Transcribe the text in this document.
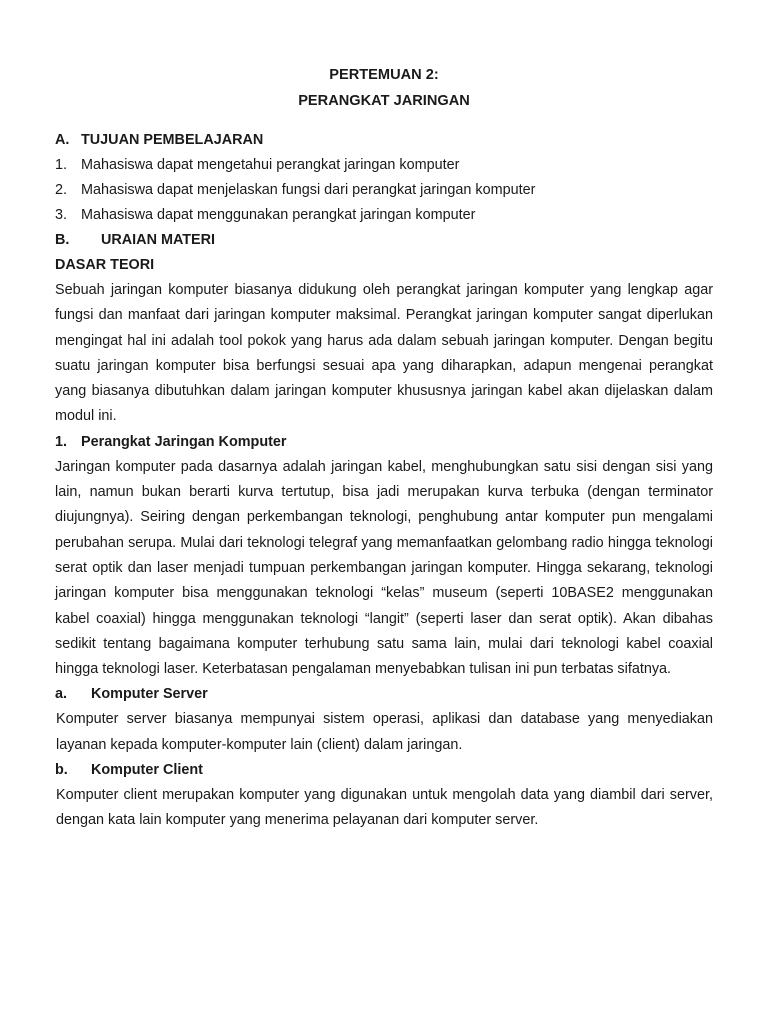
PERTEMUAN 2:
PERANGKAT JARINGAN
A. TUJUAN PEMBELAJARAN
1. Mahasiswa dapat mengetahui perangkat jaringan komputer
2. Mahasiswa dapat menjelaskan fungsi dari perangkat jaringan komputer
3. Mahasiswa dapat menggunakan perangkat jaringan komputer
B. URAIAN MATERI
DASAR TEORI

Sebuah jaringan komputer biasanya didukung oleh perangkat jaringan komputer yang lengkap agar fungsi dan manfaat dari jaringan komputer maksimal. Perangkat jaringan komputer sangat diperlukan mengingat hal ini adalah tool pokok yang harus ada dalam sebuah jaringan komputer. Dengan begitu suatu jaringan komputer bisa berfungsi sesuai apa yang diharapkan, adapun mengenai perangkat yang biasanya dibutuhkan dalam jaringan komputer khususnya jaringan kabel akan dijelaskan dalam modul ini.

1. Perangkat Jaringan Komputer

Jaringan komputer pada dasarnya adalah jaringan kabel, menghubungkan satu sisi dengan sisi yang lain, namun bukan berarti kurva tertutup, bisa jadi merupakan kurva terbuka (dengan terminator diujungnya). Seiring dengan perkembangan teknologi, penghubung antar komputer pun mengalami perubahan serupa. Mulai dari teknologi telegraf yang memanfaatkan gelombang radio hingga teknologi serat optik dan laser menjadi tumpuan perkembangan jaringan komputer. Hingga sekarang, teknologi jaringan komputer bisa menggunakan teknologi “kelas” museum (seperti 10BASE2 menggunakan kabel coaxial) hingga menggunakan teknologi “langit” (seperti laser dan serat optik). Akan dibahas sedikit tentang bagaimana komputer terhubung satu sama lain, mulai dari teknologi kabel coaxial hingga teknologi laser. Keterbatasan pengalaman menyebabkan tulisan ini pun terbatas sifatnya.

a. Komputer Server

Komputer server biasanya mempunyai sistem operasi, aplikasi dan database yang menyediakan layanan kepada komputer-komputer lain (client) dalam jaringan.

b. Komputer Client

Komputer client merupakan komputer yang digunakan untuk mengolah data yang diambil dari server, dengan kata lain komputer yang menerima pelayanan dari komputer server.
